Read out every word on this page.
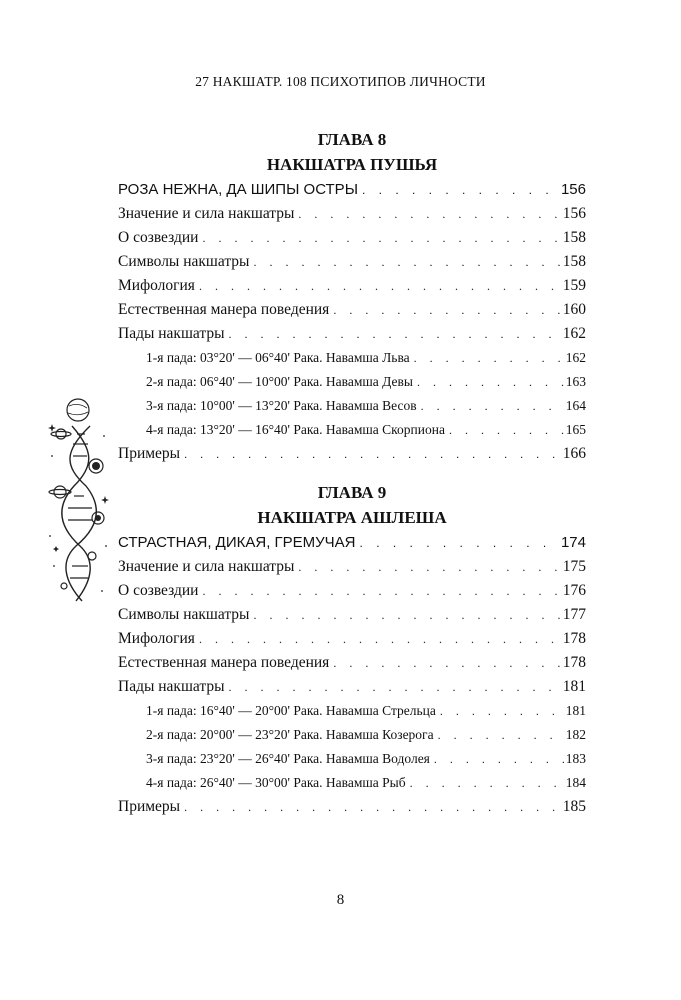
27 НАКШАТР. 108 ПСИХОТИПОВ ЛИЧНОСТИ
ГЛАВА 8
НАКШАТРА ПУШЬЯ
РОЗА НЕЖНА, ДА ШИПЫ ОСТРЫ . . .	156
Значение и сила накшатры . . .	156
О созвездии . . .	158
Символы накшатры . . .	158
Мифология . . .	159
Естественная манера поведения . . .	160
Пады накшатры . . .	162
1-я пада: 03°20' — 06°40' Рака. Навамша Льва . . .	162
2-я пада: 06°40' — 10°00' Рака. Навамша Девы . . .	163
3-я пада: 10°00' — 13°20' Рака. Навамша Весов . . .	164
4-я пада: 13°20' — 16°40' Рака. Навамша Скорпиона . . .	165
Примеры . . .	166
ГЛАВА 9
НАКШАТРА АШЛЕША
СТРАСТНАЯ, ДИКАЯ, ГРЕМУЧАЯ . . .	174
Значение и сила накшатры . . .	175
О созвездии . . .	176
Символы накшатры . . .	177
Мифология . . .	178
Естественная манера поведения . . .	178
Пады накшатры . . .	181
1-я пада: 16°40' — 20°00' Рака. Навамша Стрельца . . .	181
2-я пада: 20°00' — 23°20' Рака. Навамша Козерога . . .	182
3-я пада: 23°20' — 26°40' Рака. Навамша Водолея . . .	183
4-я пада: 26°40' — 30°00' Рака. Навамша Рыб . . .	184
Примеры . . .	185
8
